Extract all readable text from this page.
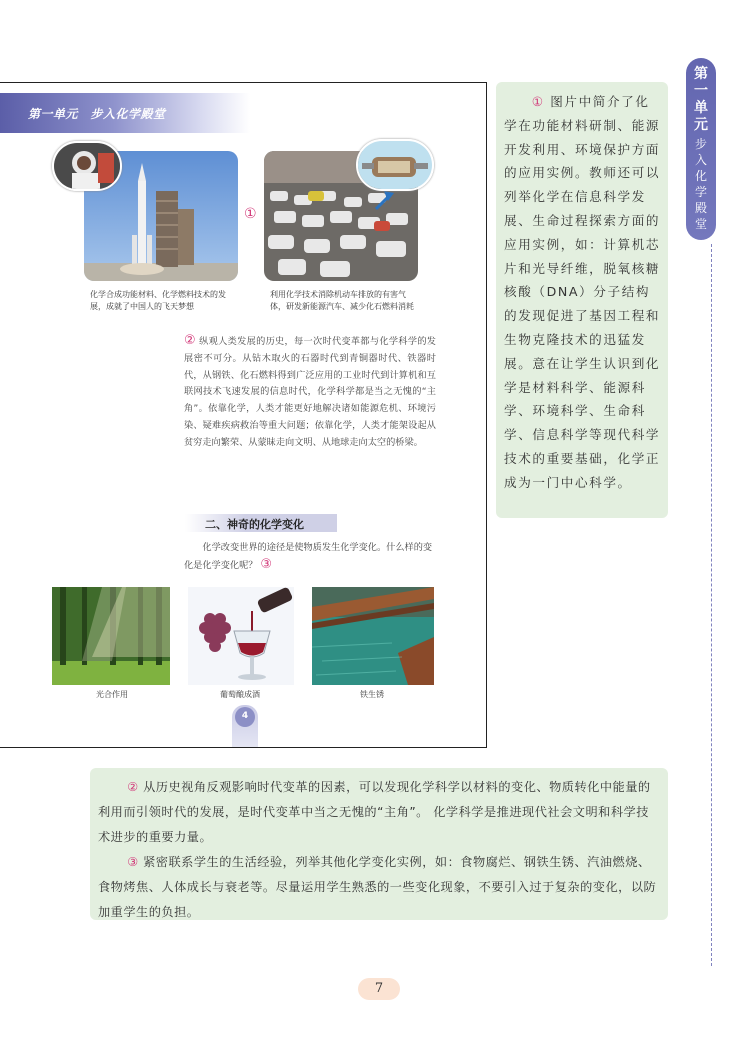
第一单元　步入化学殿堂
化学合成功能材料、化学燃料技术的发展，成就了中国人的飞天梦想
①
利用化学技术消除机动车排放的有害气体，研发新能源汽车、减少化石燃料消耗
② 纵观人类发展的历史，每一次时代变革都与化学科学的发展密不可分。从钻木取火的石器时代到青铜器时代、铁器时代，从钢铁、化石燃料得到广泛应用的工业时代到计算机和互联网技术飞速发展的信息时代，化学科学都是当之无愧的“主角”。依靠化学，人类才能更好地解决诸如能源危机、环境污染、疑难疾病救治等重大问题；依靠化学，人类才能架设起从贫穷走向繁荣、从蒙昧走向文明、从地球走向太空的桥梁。
二、神奇的化学变化
化学改变世界的途径是使物质发生化学变化。什么样的变化是化学变化呢？ ③
光合作用	葡萄酿成酒	铁生锈
4
① 图片中简介了化学在功能材料研制、能源开发利用、环境保护方面的应用实例。教师还可以列举化学在信息科学发展、生命过程探索方面的应用实例，如：计算机芯片和光导纤维，脱氧核糖核酸（DNA）分子结构的发现促进了基因工程和生物克隆技术的迅猛发展。意在让学生认识到化学是材料科学、能源科学、环境科学、生命科学、信息科学等现代科学技术的重要基础，化学正成为一门中心科学。
第一单元
步入化学殿堂

② 从历史视角反观影响时代变革的因素，可以发现化学科学以材料的变化、物质转化中能量的利用而引领时代的发展，是时代变革中当之无愧的“主角”。 化学科学是推进现代社会文明和科学技术进步的重要力量。

③ 紧密联系学生的生活经验，列举其他化学变化实例，如：食物腐烂、钢铁生锈、汽油燃烧、食物烤焦、人体成长与衰老等。尽量运用学生熟悉的一些变化现象，不要引入过于复杂的变化，以防加重学生的负担。

7
